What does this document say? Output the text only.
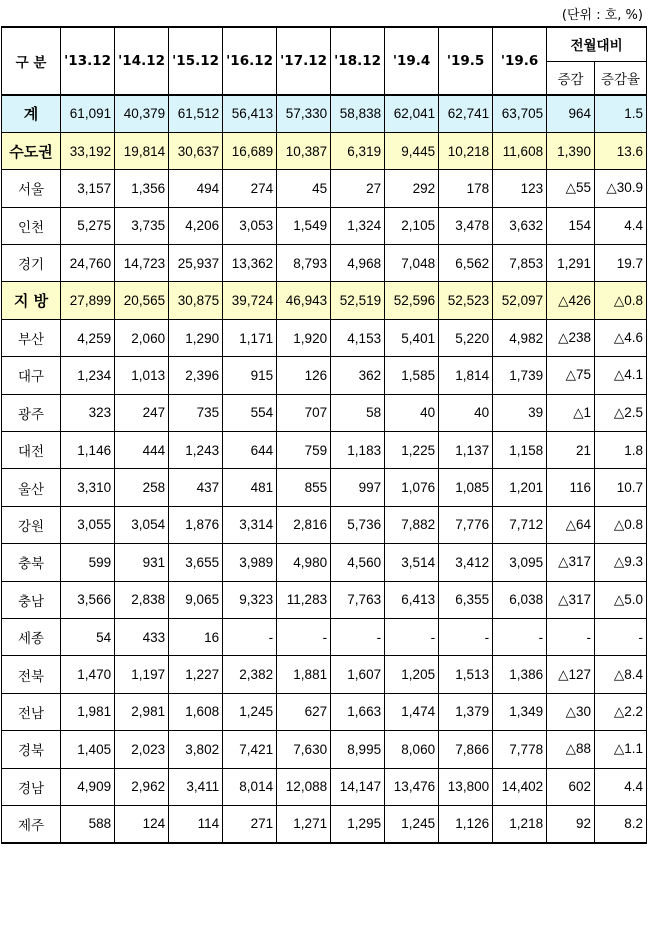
(단위 : 호, %)
구 분	'13.12	'14.12	'15.12	'16.12	'17.12	'18.12	'19.4	'19.5	'19.6	전월대비	
										증감	증감율
계	61,091	40,379	61,512	56,413	57,330	58,838	62,041	62,741	63,705	964	1.5
수도권	33,192	19,814	30,637	16,689	10,387	6,319	9,445	10,218	11,608	1,390	13.6
서울	3,157	1,356	494	274	45	27	292	178	123	△55	△30.9
인천	5,275	3,735	4,206	3,053	1,549	1,324	2,105	3,478	3,632	154	4.4
경기	24,760	14,723	25,937	13,362	8,793	4,968	7,048	6,562	7,853	1,291	19.7
지 방	27,899	20,565	30,875	39,724	46,943	52,519	52,596	52,523	52,097	△426	△0.8
부산	4,259	2,060	1,290	1,171	1,920	4,153	5,401	5,220	4,982	△238	△4.6
대구	1,234	1,013	2,396	915	126	362	1,585	1,814	1,739	△75	△4.1
광주	323	247	735	554	707	58	40	40	39	△1	△2.5
대전	1,146	444	1,243	644	759	1,183	1,225	1,137	1,158	21	1.8
울산	3,310	258	437	481	855	997	1,076	1,085	1,201	116	10.7
강원	3,055	3,054	1,876	3,314	2,816	5,736	7,882	7,776	7,712	△64	△0.8
충북	599	931	3,655	3,989	4,980	4,560	3,514	3,412	3,095	△317	△9.3
충남	3,566	2,838	9,065	9,323	11,283	7,763	6,413	6,355	6,038	△317	△5.0
세종	54	433	16	-	-	-	-	-	-	-	-
전북	1,470	1,197	1,227	2,382	1,881	1,607	1,205	1,513	1,386	△127	△8.4
전남	1,981	2,981	1,608	1,245	627	1,663	1,474	1,379	1,349	△30	△2.2
경북	1,405	2,023	3,802	7,421	7,630	8,995	8,060	7,866	7,778	△88	△1.1
경남	4,909	2,962	3,411	8,014	12,088	14,147	13,476	13,800	14,402	602	4.4
제주	588	124	114	271	1,271	1,295	1,245	1,126	1,218	92	8.2
